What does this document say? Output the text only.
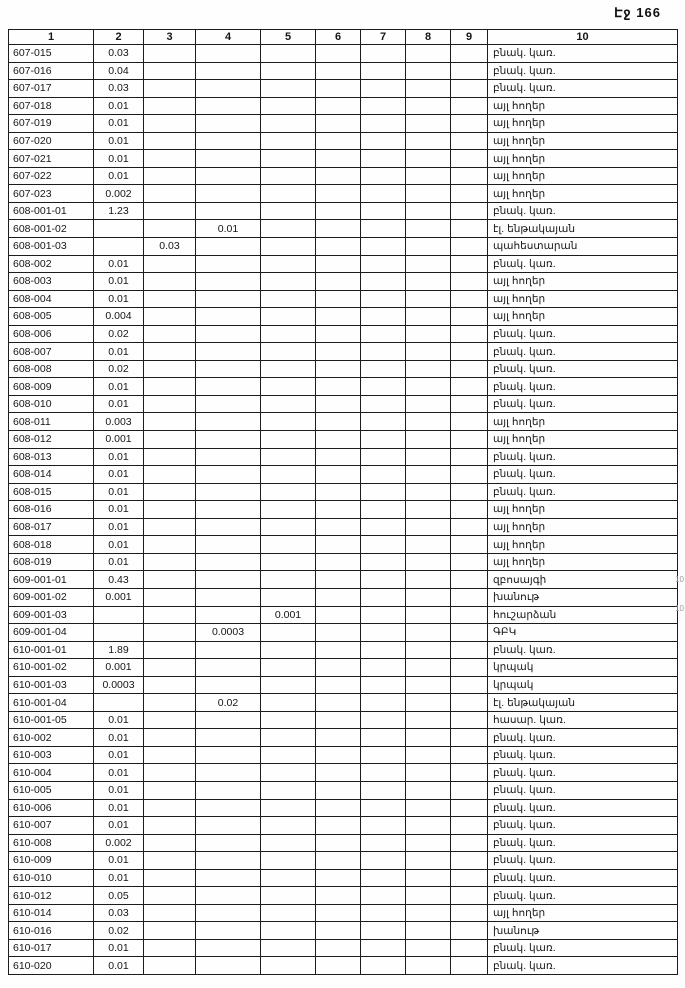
Էջ 166
1	2	3	4	5	6	7	8	9	10
607-015	0.03								բնակ. կառ.
607-016	0.04								բնակ. կառ.
607-017	0.03								բնակ. կառ.
607-018	0.01								այլ հողեր
607-019	0.01								այլ հողեր
607-020	0.01								այլ հողեր
607-021	0.01								այլ հողեր
607-022	0.01								այլ հողեր
607-023	0.002								այլ հողեր
608-001-01	1.23								բնակ. կառ.
608-001-02			0.01						էլ. ենթակայան
608-001-03		0.03							պահեստարան
608-002	0.01								բնակ. կառ.
608-003	0.01								այլ հողեր
608-004	0.01								այլ հողեր
608-005	0.004								այլ հողեր
608-006	0.02								բնակ. կառ.
608-007	0.01								բնակ. կառ.
608-008	0.02								բնակ. կառ.
608-009	0.01								բնակ. կառ.
608-010	0.01								բնակ. կառ.
608-011	0.003								այլ հողեր
608-012	0.001								այլ հողեր
608-013	0.01								բնակ. կառ.
608-014	0.01								բնակ. կառ.
608-015	0.01								բնակ. կառ.
608-016	0.01								այլ հողեր
608-017	0.01								այլ հողեր
608-018	0.01								այլ հողեր
608-019	0.01								այլ հողեր
609-001-01	0.43								զբոսայգի
609-001-02	0.001								խանութ
609-001-03				0.001					հուշարձան
609-001-04			0.0003						ԳԲԿ
610-001-01	1.89								բնակ. կառ.
610-001-02	0.001								կրպակ
610-001-03	0.0003								կրպակ
610-001-04			0.02						էլ. ենթակայան
610-001-05	0.01								հասար. կառ.
610-002	0.01								բնակ. կառ.
610-003	0.01								բնակ. կառ.
610-004	0.01								բնակ. կառ.
610-005	0.01								բնակ. կառ.
610-006	0.01								բնակ. կառ.
610-007	0.01								բնակ. կառ.
610-008	0.002								բնակ. կառ.
610-009	0.01								բնակ. կառ.
610-010	0.01								բնակ. կառ.
610-012	0.05								բնակ. կառ.
610-014	0.03								այլ հողեր
610-016	0.02								խանութ
610-017	0.01								բնակ. կառ.
610-020	0.01								բնակ. կառ.
10
10
